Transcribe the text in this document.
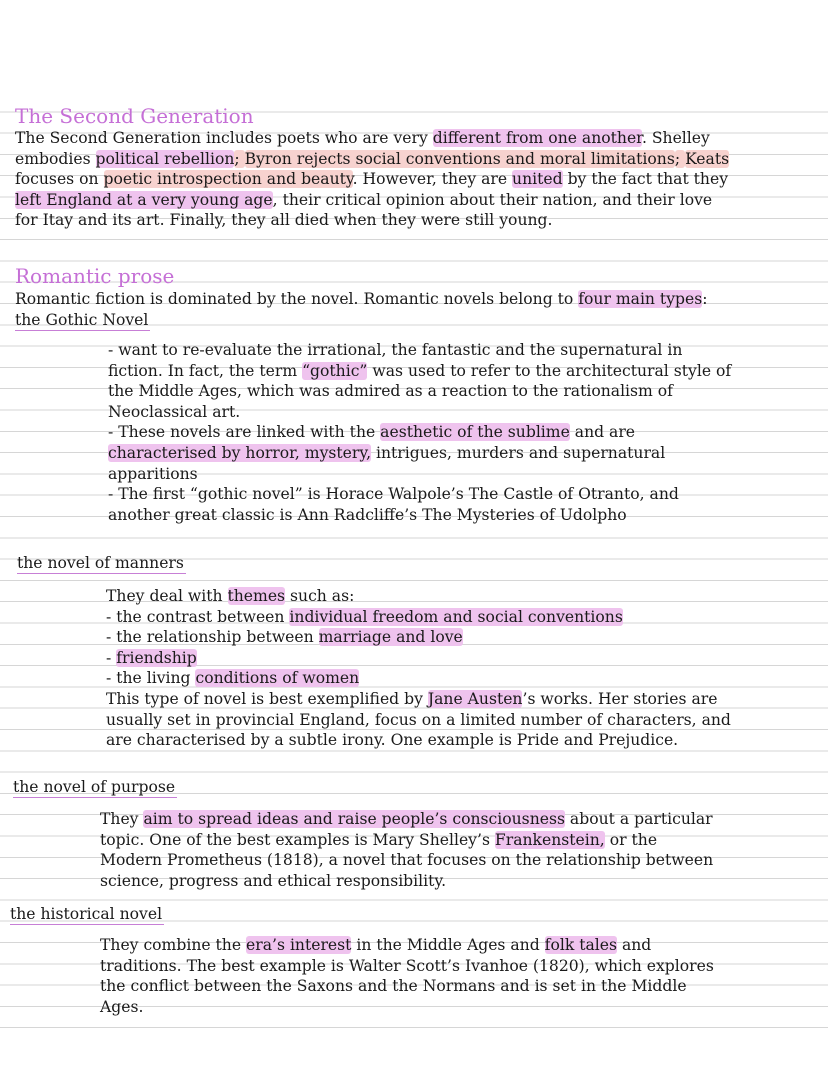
The Second Generation
The Second Generation includes poets who are very different from one another. Shelley
embodies political rebellion; Byron rejects social conventions and moral limitations; Keats
focuses on poetic introspection and beauty. However, they are united by the fact that they
left England at a very young age, their critical opinion about their nation, and their love
for Itay and its art. Finally, they all died when they were still young.
Romantic prose
Romantic fiction is dominated by the novel. Romantic novels belong to four main types:
the Gothic Novel
- want to re-evaluate the irrational, the fantastic and the supernatural in
fiction. In fact, the term “gothic” was used to refer to the architectural style of
the Middle Ages, which was admired as a reaction to the rationalism of
Neoclassical art.
- These novels are linked with the aesthetic of the sublime and are
characterised by horror, mystery, intrigues, murders and supernatural
apparitions
- The first “gothic novel” is Horace Walpole’s The Castle of Otranto, and
another great classic is Ann Radcliffe’s The Mysteries of Udolpho
the novel of manners
They deal with themes such as:
- the contrast between individual freedom and social conventions
- the relationship between marriage and love
- friendship
- the living conditions of women
This type of novel is best exemplified by Jane Austen’s works. Her stories are
usually set in provincial England, focus on a limited number of characters, and
are characterised by a subtle irony. One example is Pride and Prejudice.
the novel of purpose
They aim to spread ideas and raise people’s consciousness about a particular
topic. One of the best examples is Mary Shelley’s Frankenstein, or the
Modern Prometheus (1818), a novel that focuses on the relationship between
science, progress and ethical responsibility.
the historical novel
They combine the era’s interest in the Middle Ages and folk tales and
traditions. The best example is Walter Scott’s Ivanhoe (1820), which explores
the conflict between the Saxons and the Normans and is set in the Middle
Ages.
